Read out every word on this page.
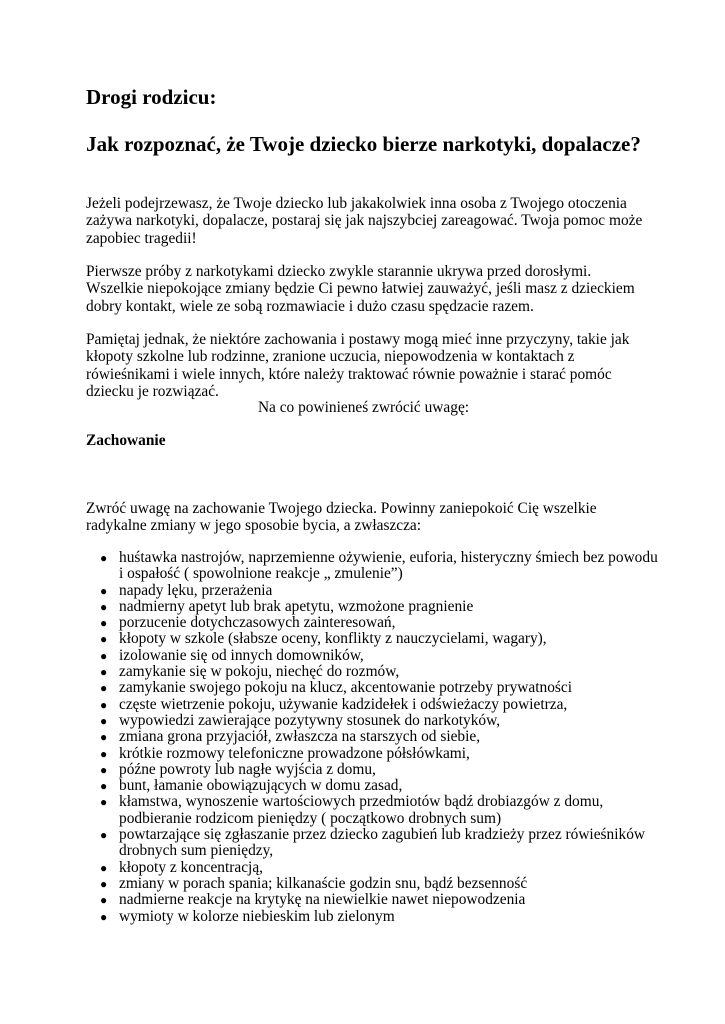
Drogi rodzicu:
Jak rozpoznać, że Twoje dziecko bierze narkotyki, dopalacze?

Jeżeli podejrzewasz, że Twoje dziecko lub jakakolwiek inna osoba z Twojego otoczenia zażywa narkotyki, dopalacze, postaraj się jak najszybciej zareagować. Twoja pomoc może zapobiec tragedii!

Pierwsze próby z narkotykami dziecko zwykle starannie ukrywa przed dorosłymi. Wszelkie niepokojące zmiany będzie Ci pewno łatwiej zauważyć, jeśli masz z dzieckiem dobry kontakt, wiele ze sobą rozmawiacie i dużo czasu spędzacie razem.

Pamiętaj jednak, że niektóre zachowania i postawy mogą mieć inne przyczyny, takie jak kłopoty szkolne lub rodzinne, zranione uczucia, niepowodzenia w kontaktach z rówieśnikami i wiele innych, które należy traktować równie poważnie i starać pomóc dziecku je rozwiązać.

Na co powinieneś zwrócić uwagę:

Zachowanie

Zwróć uwagę na zachowanie Twojego dziecka. Powinny zaniepokoić Cię wszelkie radykalne zmiany w jego sposobie bycia, a zwłaszcza:

● huśtawka nastrojów, naprzemienne ożywienie, euforia, histeryczny śmiech bez powodu i ospałość ( spowolnione reakcje „ zmulenie”)
● napady lęku, przerażenia
● nadmierny apetyt lub brak apetytu, wzmożone pragnienie
● porzucenie dotychczasowych zainteresowań,
● kłopoty w szkole (słabsze oceny, konflikty z nauczycielami, wagary),
● izolowanie się od innych domowników,
● zamykanie się w pokoju, niechęć do rozmów,
● zamykanie swojego pokoju na klucz, akcentowanie potrzeby prywatności
● częste wietrzenie pokoju, używanie kadzidełek i odświeżaczy powietrza,
● wypowiedzi zawierające pozytywny stosunek do narkotyków,
● zmiana grona przyjaciół, zwłaszcza na starszych od siebie,
● krótkie rozmowy telefoniczne prowadzone półsłówkami,
● późne powroty lub nagłe wyjścia z domu,
● bunt, łamanie obowiązujących w domu zasad,
● kłamstwa, wynoszenie wartościowych przedmiotów bądź drobiazgów z domu, podbieranie rodzicom pieniędzy ( początkowo drobnych sum)
● powtarzające się zgłaszanie przez dziecko zagubień lub kradzieży przez rówieśników drobnych sum pieniędzy,
● kłopoty z koncentracją,
● zmiany w porach spania; kilkanaście godzin snu, bądź bezsenność
● nadmierne reakcje na krytykę na niewielkie nawet niepowodzenia
● wymioty w kolorze niebieskim lub zielonym
